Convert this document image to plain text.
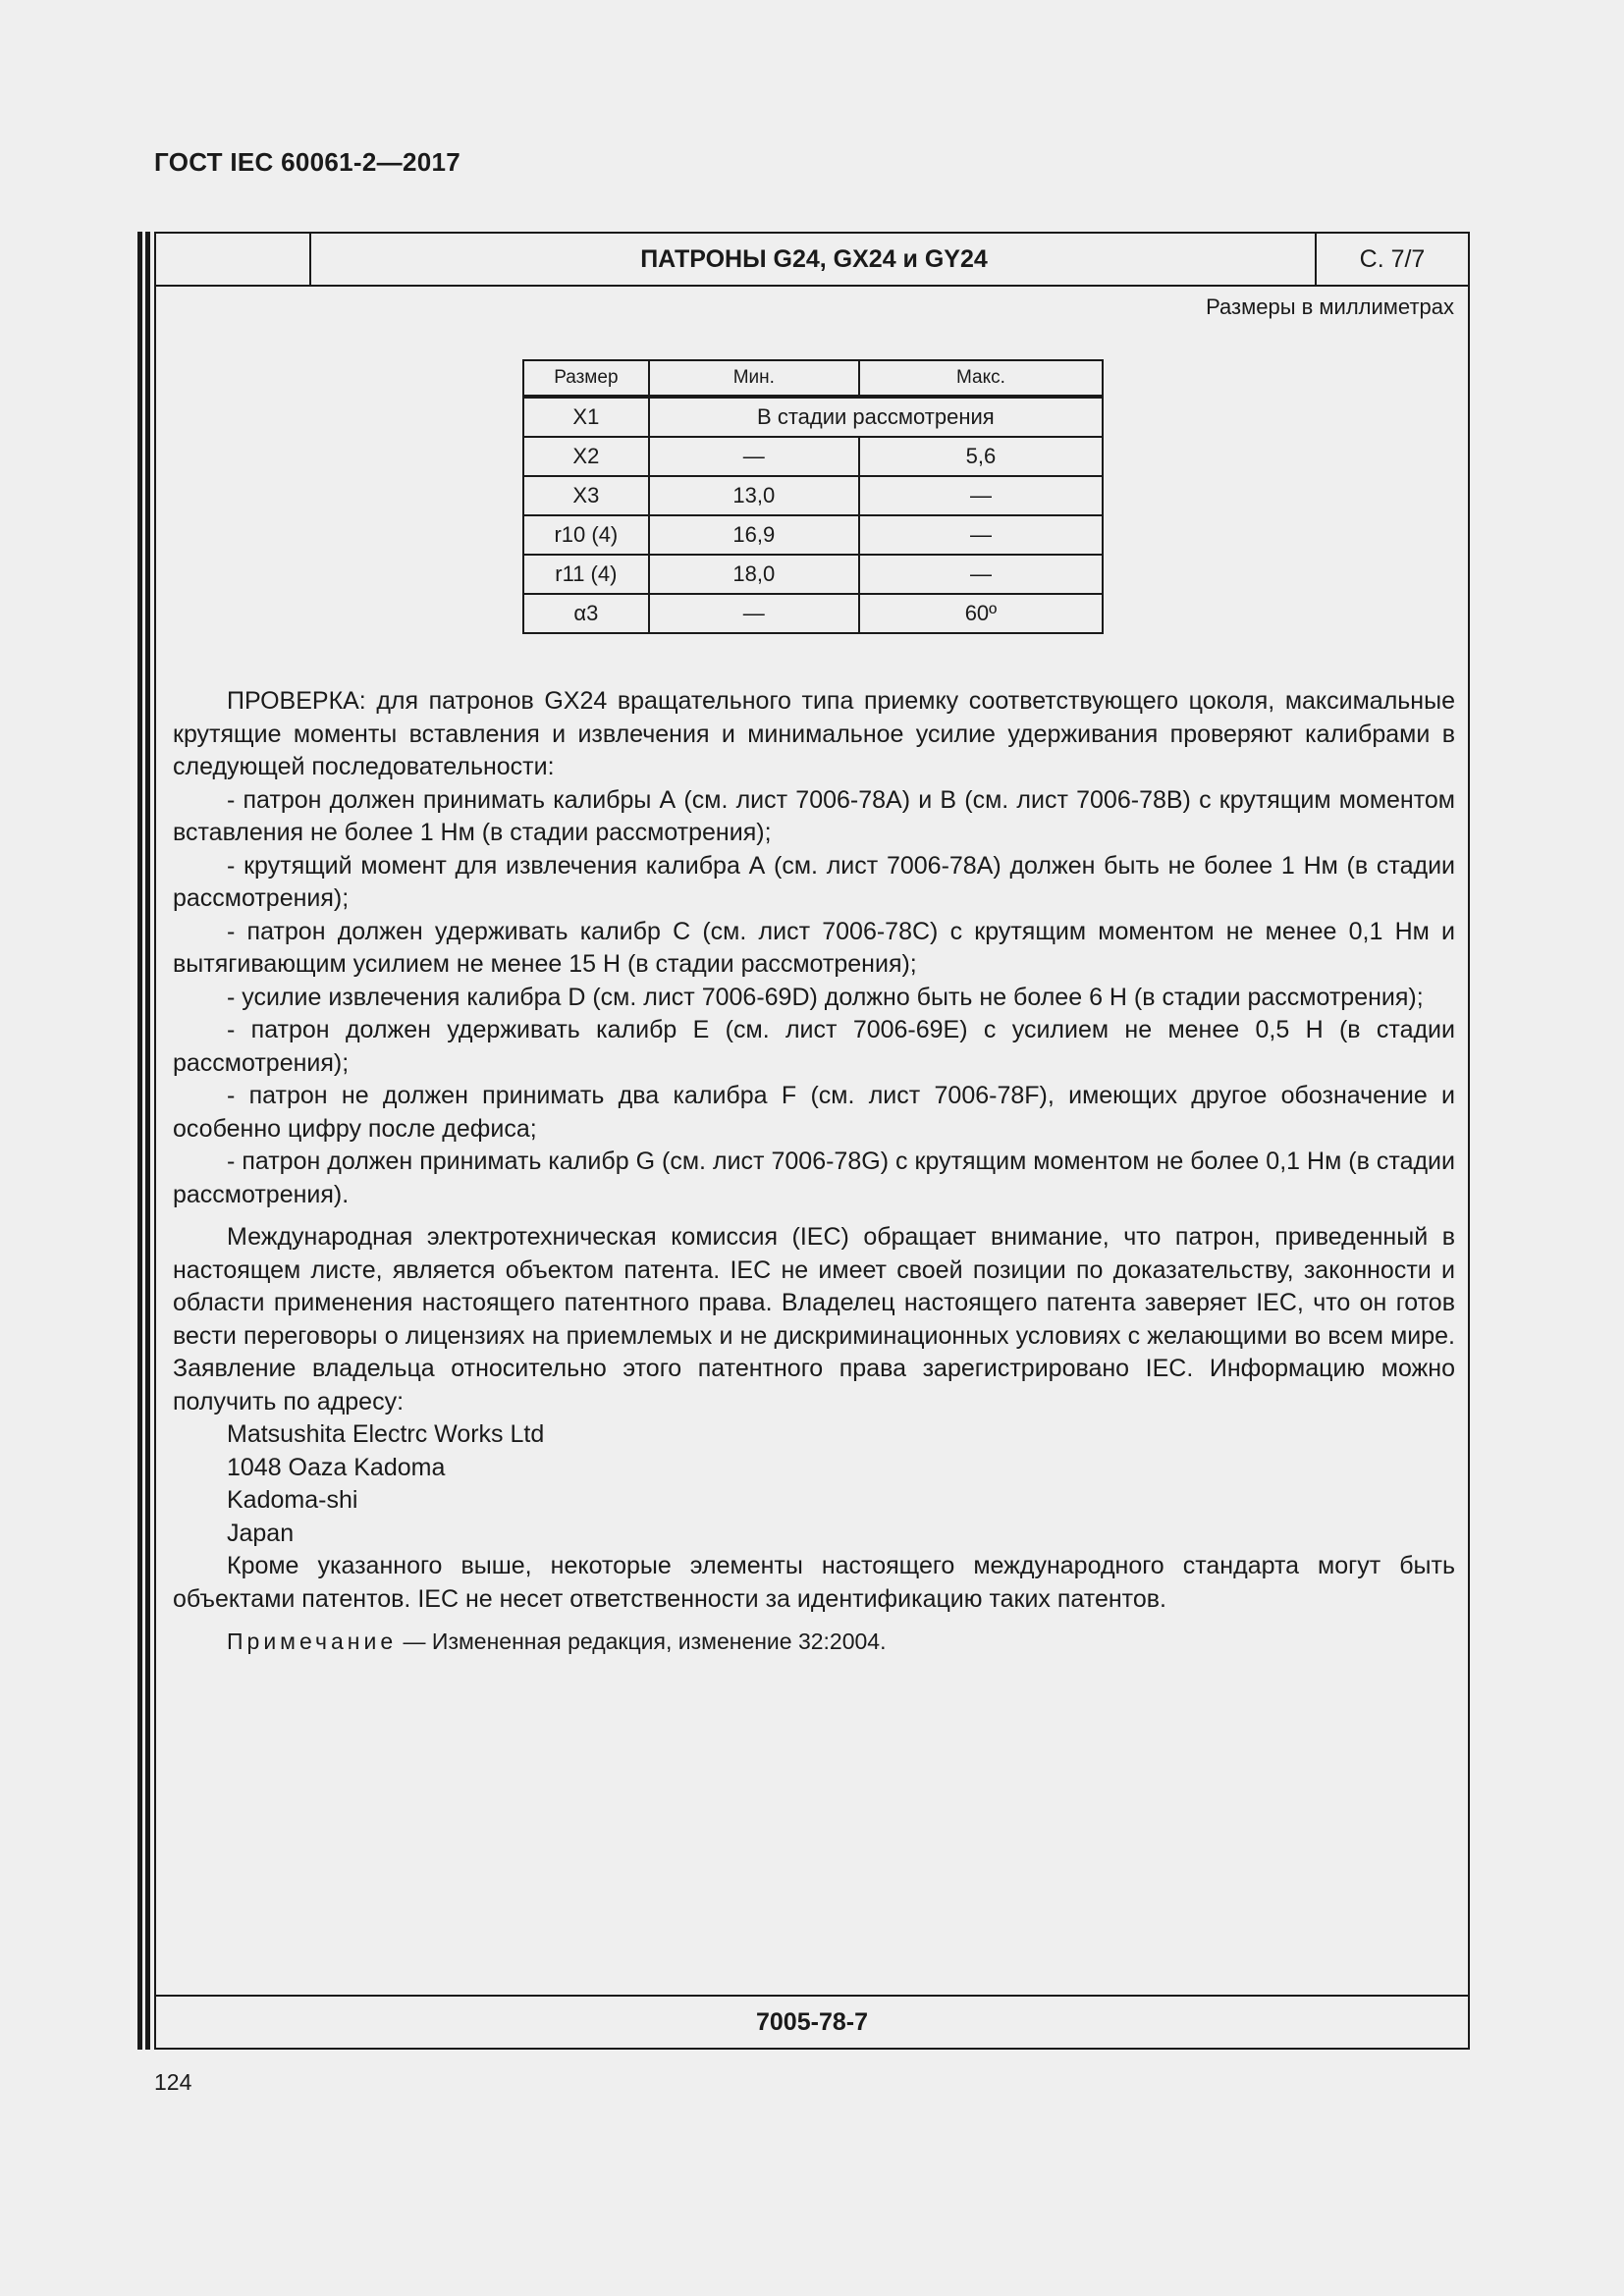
ГОСТ IEC 60061-2—2017
ПАТРОНЫ G24, GX24 и GY24	С. 7/7
Размеры в миллиметрах
Размер	Мин.	Макс.
X1	В стадии рассмотрения	
X2	—	5,6
X3	13,0	—
r10 (4)	16,9	—
r11 (4)	18,0	—
α3	—	60º

ПРОВЕРКА: для патронов GX24 вращательного типа приемку соответствующего цоколя, максимальные крутящие моменты вставления и извлечения и минимальное усилие удерживания проверяют калибрами в следующей последовательности:

- патрон должен принимать калибры А (см. лист 7006-78А) и В (см. лист 7006-78В) с крутящим моментом вставления не более 1 Нм (в стадии рассмотрения);

- крутящий момент для извлечения калибра А (см. лист 7006-78А) должен быть не более 1 Нм (в стадии рассмотрения);

- патрон должен удерживать калибр С (см. лист 7006-78С) с крутящим моментом не менее 0,1 Нм и вытягивающим усилием не менее 15 Н (в стадии рассмотрения);

- усилие извлечения калибра D (см. лист 7006-69D) должно быть не более 6 Н (в стадии рассмотрения);

- патрон должен удерживать калибр Е (см. лист 7006-69Е) с усилием не менее 0,5 Н (в стадии рассмотрения);

- патрон не должен принимать два калибра F (см. лист 7006-78F), имеющих другое обозначение и особенно цифру после дефиса;

- патрон должен принимать калибр G (см. лист 7006-78G) с крутящим моментом не более 0,1 Нм (в стадии рассмотрения).

Международная электротехническая комиссия (IEC) обращает внимание, что патрон, приведенный в настоящем листе, является объектом патента. IEC не имеет своей позиции по доказательству, законности и области применения настоящего патентного права. Владелец настоящего патента заверяет IEC, что он готов вести переговоры о лицензиях на приемлемых и не дискриминационных условиях с желающими во всем мире. Заявление владельца относительно этого патентного права зарегистрировано IEC. Информацию можно получить по адресу:

Matsushita Electrc Works Ltd

1048 Oaza Kadoma

Kadoma-shi

Japan

Кроме указанного выше, некоторые элементы настоящего международного стандарта могут быть объектами патентов. IEC не несет ответственности за идентификацию таких патентов.

Примечание — Измененная редакция, изменение 32:2004.

7005-78-7
124
